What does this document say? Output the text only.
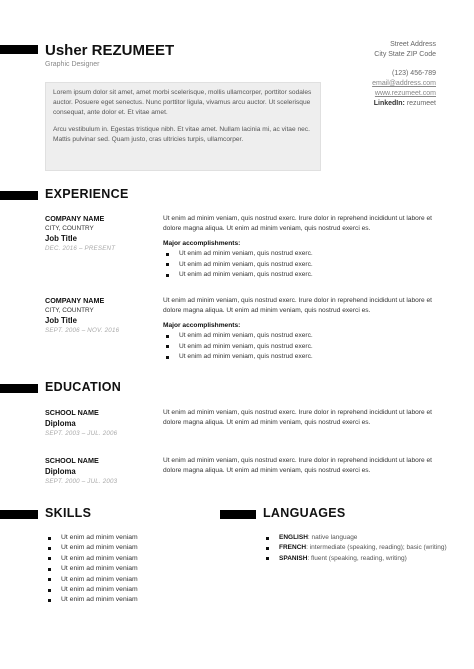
Usher REZUMEET
Graphic Designer
Street Address
City State ZIP Code
(123) 456-789
email@address.com
www.rezumeet.com
LinkedIn: rezumeet

Lorem ipsum dolor sit amet, amet morbi scelerisque, mollis ullamcorper, porttitor sodales auctor. Posuere eget senectus. Nunc porttitor ligula, vivamus arcu auctor. Ut scelerisque consequat, ante dolor et. Et vitae amet.

Arcu vestibulum in. Egestas tristique nibh. Et vitae amet. Nullam lacinia mi, ac vitae nec. Mattis pulvinar sed. Quam justo, cras ultricies turpis, ullamcorper.

EXPERIENCE
COMPANY NAME
CITY, COUNTRY
Job Title
DEC. 2016 – PRESENT
Ut enim ad minim veniam, quis nostrud exerc. Irure dolor in reprehend incididunt ut labore et dolore magna aliqua. Ut enim ad minim veniam, quis nostrud exerci es.
Major accomplishments:
Ut enim ad minim veniam, quis nostrud exerc.
Ut enim ad minim veniam, quis nostrud exerc.
Ut enim ad minim veniam, quis nostrud exerc.
COMPANY NAME
CITY, COUNTRY
Job Title
SEPT. 2006 – NOV. 2016
Ut enim ad minim veniam, quis nostrud exerc. Irure dolor in reprehend incididunt ut labore et dolore magna aliqua. Ut enim ad minim veniam, quis nostrud exerci es.
Major accomplishments:
Ut enim ad minim veniam, quis nostrud exerc.
Ut enim ad minim veniam, quis nostrud exerc.
Ut enim ad minim veniam, quis nostrud exerc.
EDUCATION
SCHOOL NAME
Diploma
SEPT. 2003 – JUL. 2006
Ut enim ad minim veniam, quis nostrud exerc. Irure dolor in reprehend incididunt ut labore et dolore magna aliqua. Ut enim ad minim veniam, quis nostrud exerci es.
SCHOOL NAME
Diploma
SEPT. 2000 – JUL. 2003
Ut enim ad minim veniam, quis nostrud exerc. Irure dolor in reprehend incididunt ut labore et dolore magna aliqua. Ut enim ad minim veniam, quis nostrud exerci es.
SKILLS
Ut enim ad minim veniam
Ut enim ad minim veniam
Ut enim ad minim veniam
Ut enim ad minim veniam
Ut enim ad minim veniam
Ut enim ad minim veniam
Ut enim ad minim veniam
LANGUAGES
ENGLISH: native language
FRENCH: intermediate (speaking, reading); basic (writing)
SPANISH: fluent (speaking, reading, writing)
